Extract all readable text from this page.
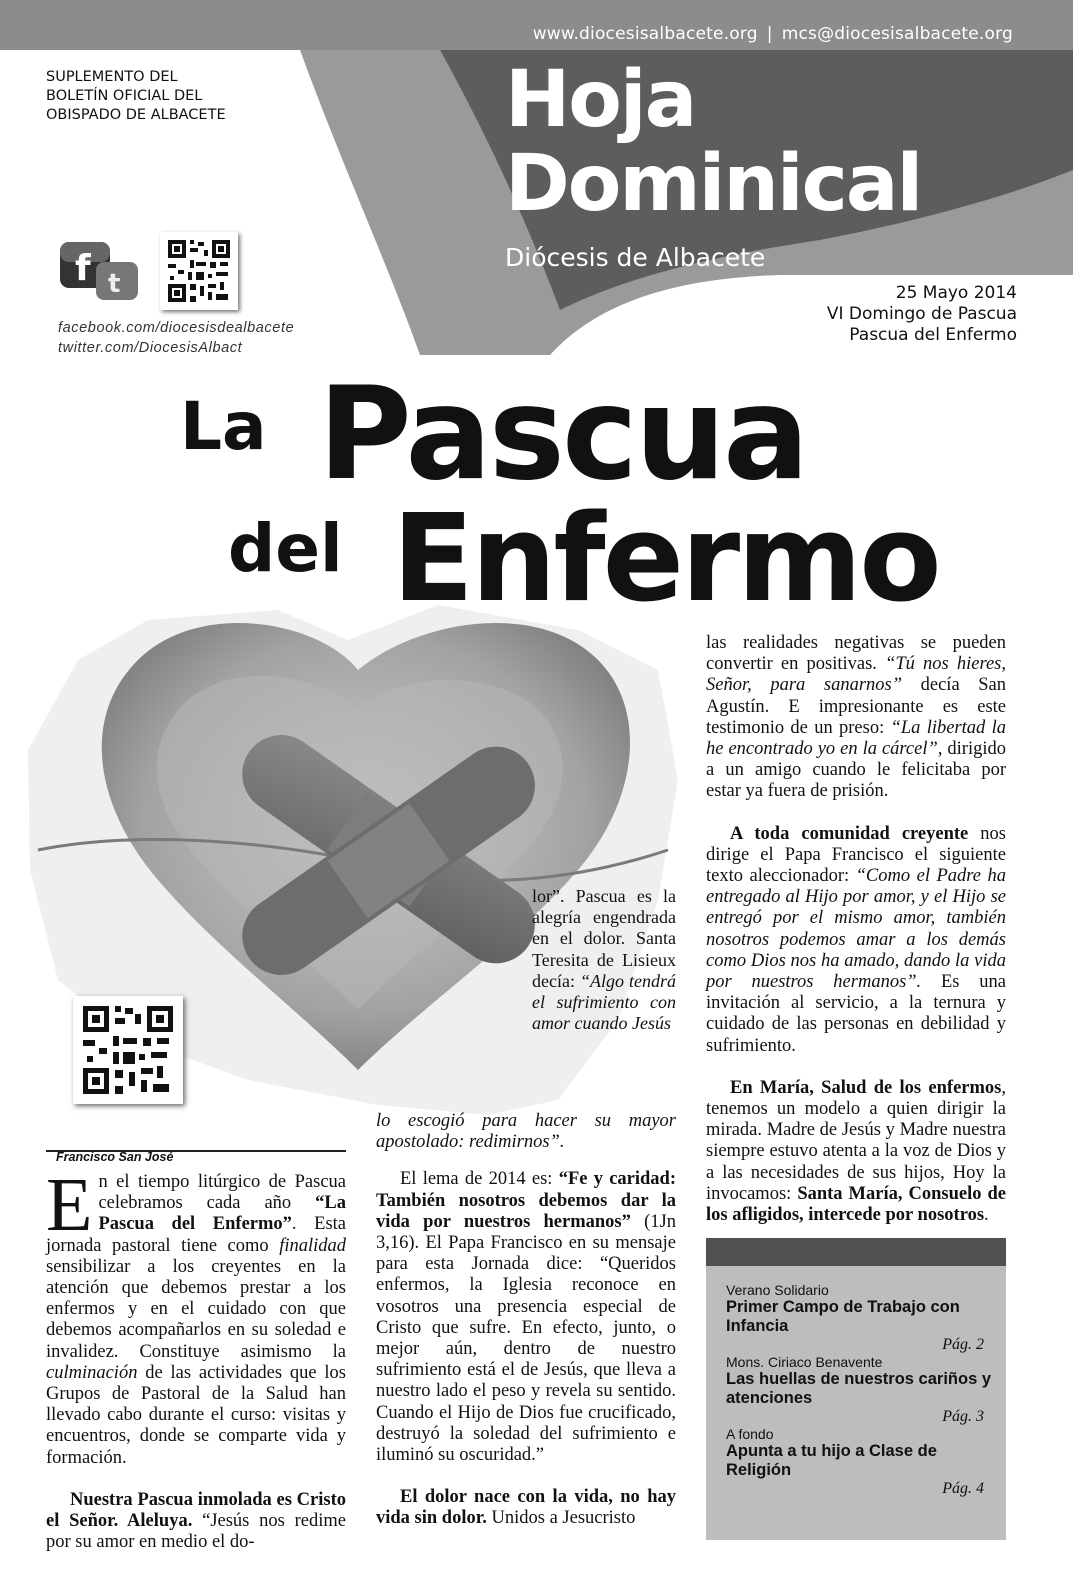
www.diocesisalbacete.org | mcs@diocesisalbacete.org
Hoja
Dominical
Diócesis de Albacete
SUPLEMENTO DEL
BOLETÍN OFICIAL DEL
OBISPADO DE ALBACETE
f t
facebook.com/diocesisdealbacete
twitter.com/DiocesisAlbact
25 Mayo 2014
VI Domingo de Pascua
Pascua del Enfermo
La Pascua
del Enfermo
Francisco San José

En el tiempo litúrgico de Pascua celebramos cada año “La Pascua del Enfermo”. Esta jornada pastoral tiene como finalidad sensibilizar a los creyentes en la atención que debemos prestar a los enfermos y en el cuidado con que debemos acompañarlos en su soledad e invalidez. Constituye asimismo la culminación de las actividades que los Grupos de Pastoral de la Salud han llevado cabo durante el curso: visitas y encuentros, donde se comparte vida y formación.

Nuestra Pascua inmolada es Cristo el Señor. Aleluya. “Jesús nos redime por su amor en medio el do-

lor”. Pascua es la alegría engendrada en el dolor. Santa Teresita de Lisieux decía: “Algo tendrá el sufrimiento con amor cuando Jesús

lo escogió para hacer su mayor apostolado: redimirnos”.

El lema de 2014 es: “Fe y caridad: También nosotros debemos dar la vida por nuestros hermanos” (1Jn 3,16). El Papa Francisco en su mensaje para esta Jornada dice: “Queridos enfermos, la Iglesia reconoce en vosotros una presencia especial de Cristo que sufre. En efecto, junto, o mejor aún, dentro de nuestro sufrimiento está el de Jesús, que lleva a nuestro lado el peso y revela su sentido. Cuando el Hijo de Dios fue crucificado, destruyó la soledad del sufrimiento e iluminó su oscuridad.”

El dolor nace con la vida, no hay vida sin dolor. Unidos a Jesucristo

las realidades negativas se pueden convertir en positivas. “Tú nos hieres, Señor, para sanarnos” decía San Agustín. E impresionante es este testimonio de un preso: “La libertad la he encontrado yo en la cárcel”, dirigido a un amigo cuando le felicitaba por estar ya fuera de prisión.

A toda comunidad creyente nos dirige el Papa Francisco el siguiente texto aleccionador: “Como el Padre ha entregado al Hijo por amor, y el Hijo se entregó por el mismo amor, también nosotros podemos amar a los demás como Dios nos ha amado, dando la vida por nuestros hermanos”. Es una invitación al servicio, a la ternura y cuidado de las personas en debilidad y sufrimiento.

En María, Salud de los enfermos, tenemos un modelo a quien dirigir la mirada. Madre de Jesús y Madre nuestra siempre estuvo atenta a la voz de Dios y a las necesidades de sus hijos, Hoy la invocamos: Santa María, Consuelo de los afligidos, intercede por nosotros.

Verano Solidario
Primer Campo de Trabajo con Infancia
Pág. 2
Mons. Ciriaco Benavente
Las huellas de nuestros cariños y atenciones
Pág. 3
A fondo
Apunta a tu hijo a Clase de Religión
Pág. 4
